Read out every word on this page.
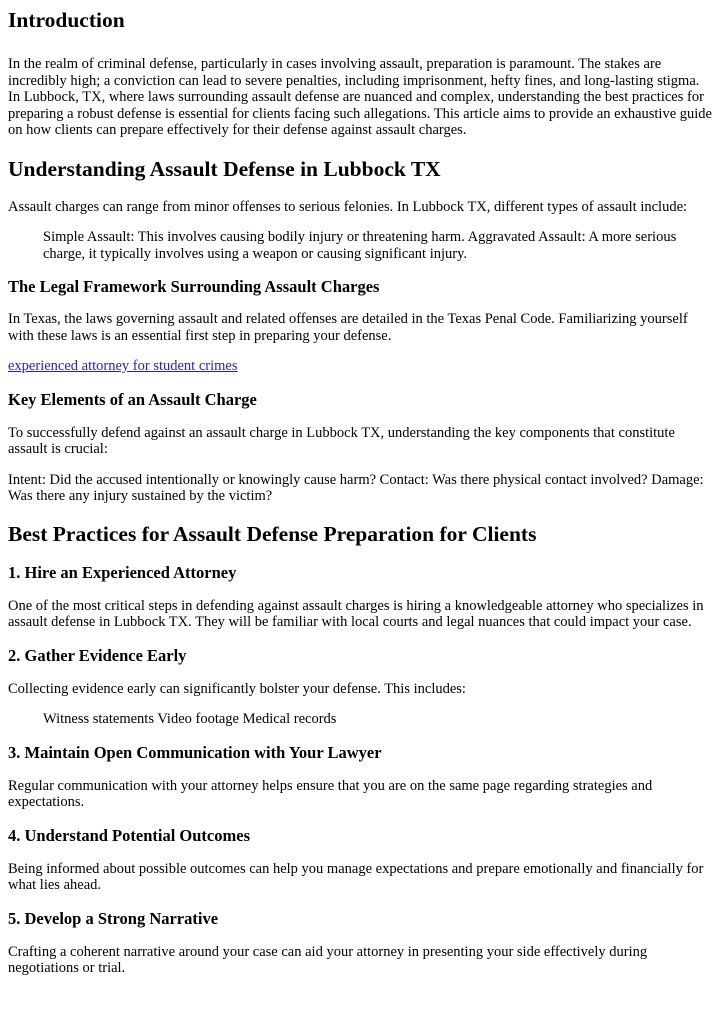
Introduction

In the realm of criminal defense, particularly in cases involving assault, preparation is paramount. The stakes are incredibly high; a conviction can lead to severe penalties, including imprisonment, hefty fines, and long-lasting stigma. In Lubbock, TX, where laws surrounding assault defense are nuanced and complex, understanding the best practices for preparing a robust defense is essential for clients facing such allegations. This article aims to provide an exhaustive guide on how clients can prepare effectively for their defense against assault charges.

Understanding Assault Defense in Lubbock TX

Assault charges can range from minor offenses to serious felonies. In Lubbock TX, different types of assault include:

Simple Assault: This involves causing bodily injury or threatening harm. Aggravated Assault: A more serious charge, it typically involves using a weapon or causing significant injury.
The Legal Framework Surrounding Assault Charges

In Texas, the laws governing assault and related offenses are detailed in the Texas Penal Code. Familiarizing yourself with these laws is an essential first step in preparing your defense.

experienced attorney for student crimes

Key Elements of an Assault Charge

To successfully defend against an assault charge in Lubbock TX, understanding the key components that constitute assault is crucial:

Intent: Did the accused intentionally or knowingly cause harm? Contact: Was there physical contact involved? Damage: Was there any injury sustained by the victim?

Best Practices for Assault Defense Preparation for Clients
1. Hire an Experienced Attorney

One of the most critical steps in defending against assault charges is hiring a knowledgeable attorney who specializes in assault defense in Lubbock TX. They will be familiar with local courts and legal nuances that could impact your case.

2. Gather Evidence Early

Collecting evidence early can significantly bolster your defense. This includes:

Witness statements Video footage Medical records
3. Maintain Open Communication with Your Lawyer

Regular communication with your attorney helps ensure that you are on the same page regarding strategies and expectations.

4. Understand Potential Outcomes

Being informed about possible outcomes can help you manage expectations and prepare emotionally and financially for what lies ahead.

5. Develop a Strong Narrative

Crafting a coherent narrative around your case can aid your attorney in presenting your side effectively during negotiations or trial.
